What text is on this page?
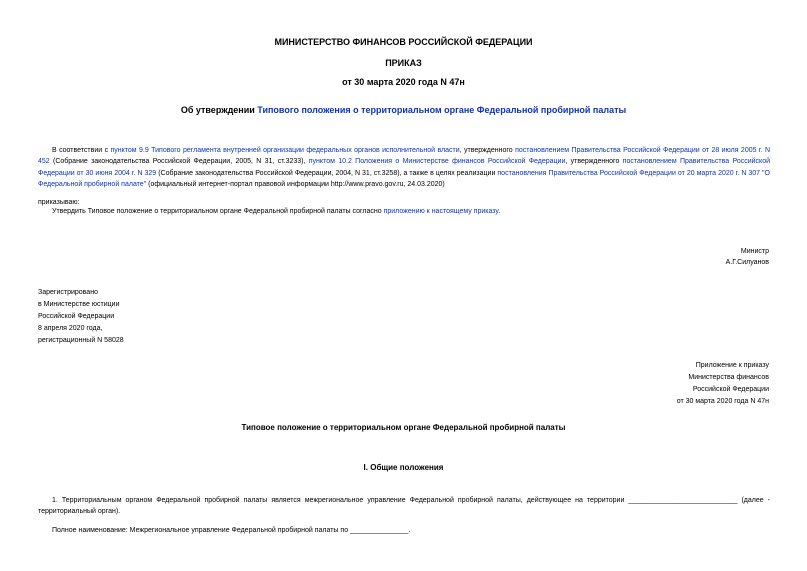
МИНИСТЕРСТВО ФИНАНСОВ РОССИЙСКОЙ ФЕДЕРАЦИИ
ПРИКАЗ
от 30 марта 2020 года N 47н
Об утверждении Типового положения о территориальном органе Федеральной пробирной палаты
В соответствии с пунктом 9.9 Типового регламента внутренней организации федеральных органов исполнительной власти, утвержденного постановлением Правительства Российской Федерации от 28 июля 2005 г. N 452 (Собрание законодательства Российской Федерации, 2005, N 31, ст.3233), пунктом 10.2 Положения о Министерстве финансов Российской Федерации, утвержденного постановлением Правительства Российской Федерации от 30 июня 2004 г. N 329 (Собрание законодательства Российской Федерации, 2004, N 31, ст.3258), а также в целях реализации постановления Правительства Российской Федерации от 20 марта 2020 г. N 307 "О Федеральной пробирной палате" (официальный интернет-портал правовой информации http://www.pravo.gov.ru, 24.03.2020)
приказываю:
Утвердить Типовое положение о территориальном органе Федеральной пробирной палаты согласно приложению к настоящему приказу.
Министр
А.Г.Силуанов
Зарегистрировано
в Министерстве юстиции
Российской Федерации
8 апреля 2020 года,
регистрационный N 58028
Приложение к приказу
Министерства финансов
Российской Федерации
от 30 марта 2020 года N 47н
Типовое положение о территориальном органе Федеральной пробирной палаты
I. Общие положения
1. Территориальным органом Федеральной пробирной палаты является межрегиональное управление Федеральной пробирной палаты, действующее на территории ____________________________ (далее - территориальный орган).
Полное наименование: Межрегиональное управление Федеральной пробирной палаты по _______________.
